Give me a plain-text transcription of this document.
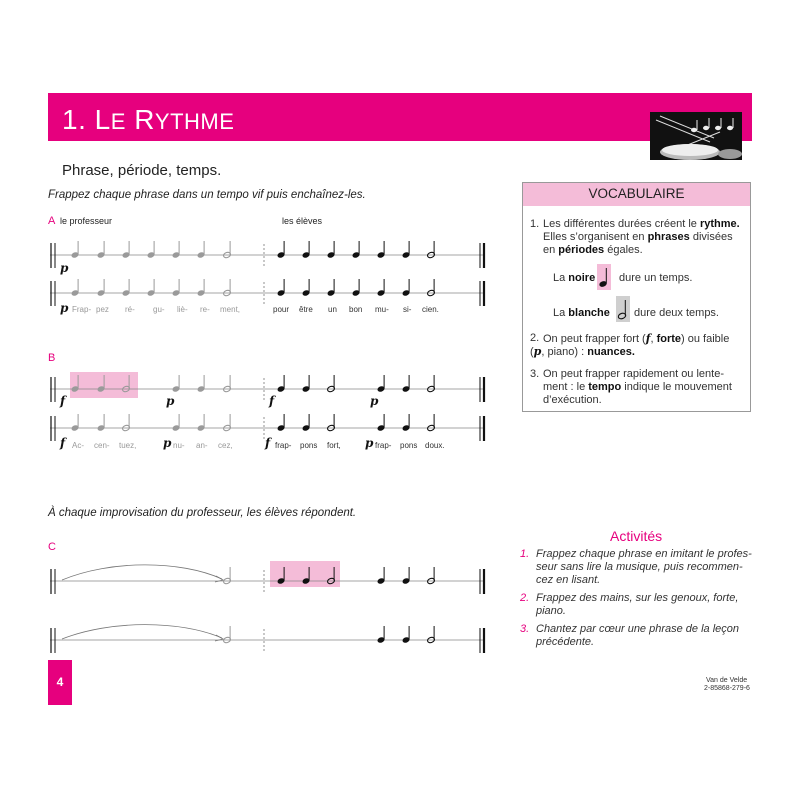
1. LE RYTHME
Phrase, période, temps.
Frappez chaque phrase dans un tempo vif puis enchaînez-les.
A le professeur	les élèves
B
p
p Frap- pez ré- gu- liè- re- ment,	pour être un bon mu- si- cien.
f	p	f	p
f Ac- cen- tuez, p nu- an- cez,	f frap- pons fort, p frap- pons doux.
À chaque improvisation du professeur, les élèves répondent.
C
VOCABULAIRE
1. Les différentes durées créent le rythme.
Elles s’organisent en phrases divisées
en périodes égales.
La noire dure un temps.
La blanche dure deux temps.
2. On peut frapper fort (f, forte) ou faible
(p, piano) : nuances.
3. On peut frapper rapidement ou lente-
ment : le tempo indique le mouvement
d’exécution.
Activités
1. Frappez chaque phrase en imitant le profes-
seur sans lire la musique, puis recommen-
cez en lisant.
2. Frappez des mains, sur les genoux, forte,
piano.
3. Chantez par cœur une phrase de la leçon
précédente.
4	Van de Velde
2-85868-279-6
